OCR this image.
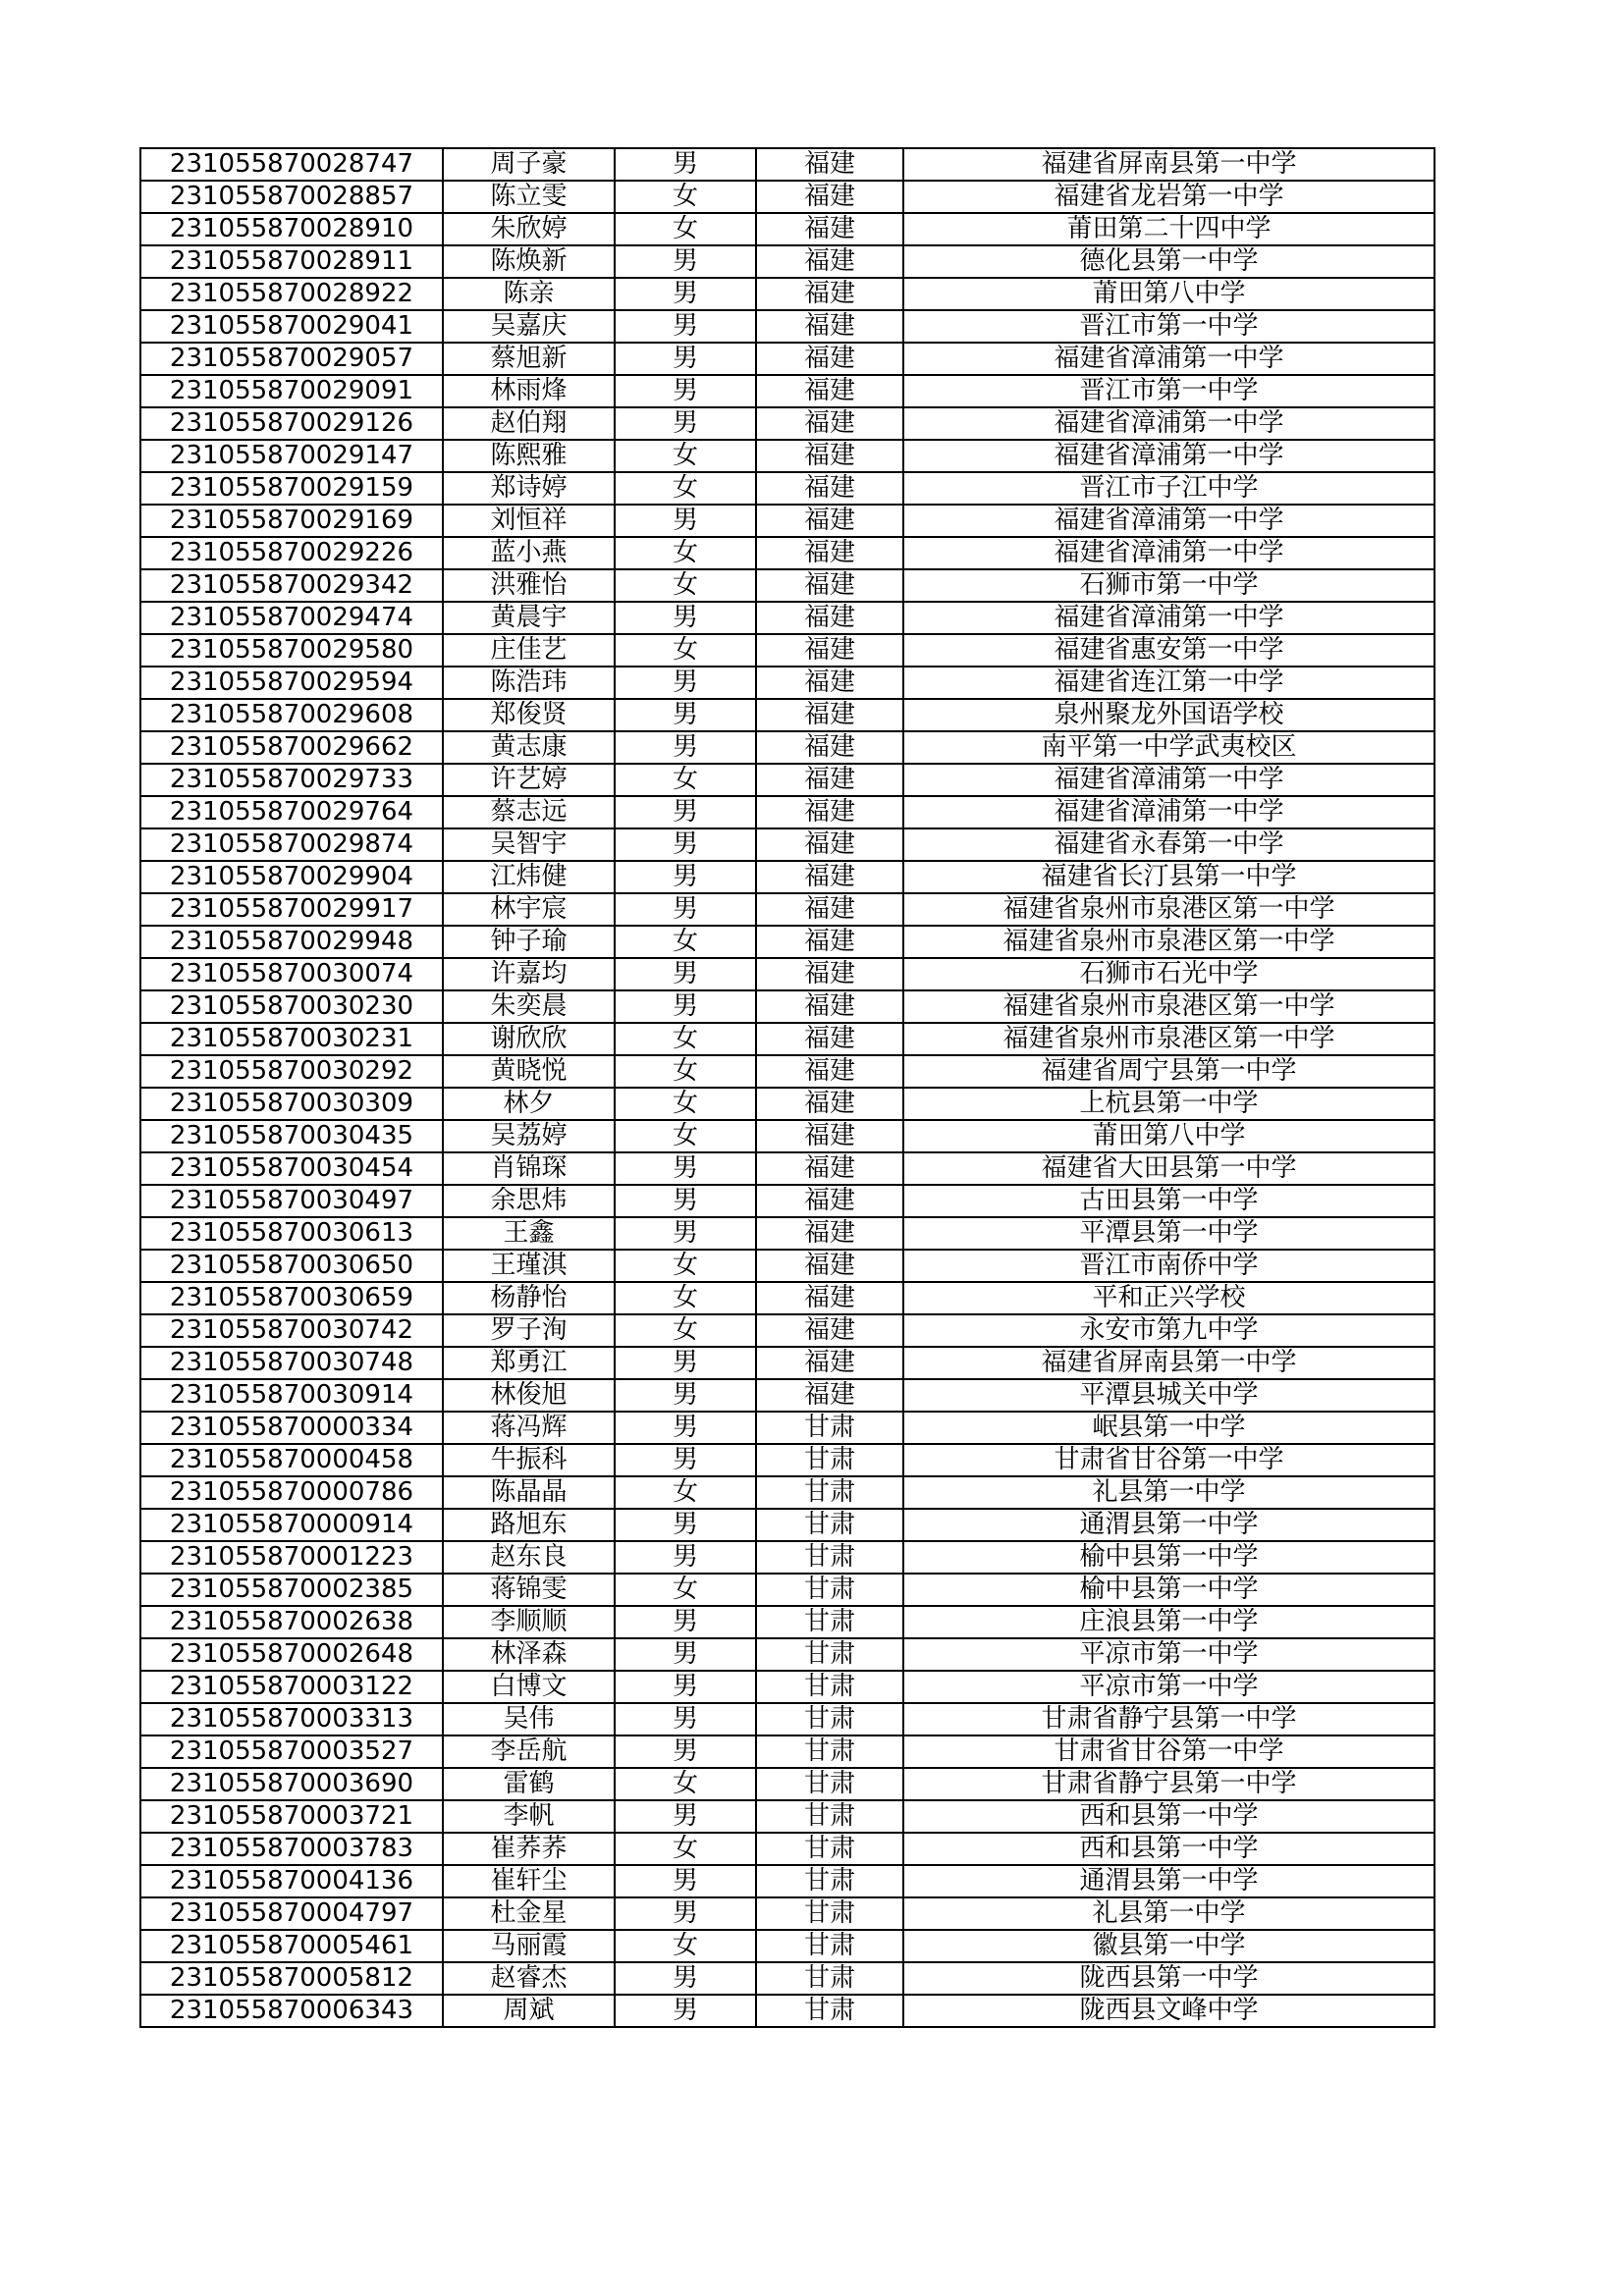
231055870028747	周子豪	男	福建	福建省屏南县第一中学
231055870028857	陈立雯	女	福建	福建省龙岩第一中学
231055870028910	朱欣婷	女	福建	莆田第二十四中学
231055870028911	陈焕新	男	福建	德化县第一中学
231055870028922	陈亲	男	福建	莆田第八中学
231055870029041	吴嘉庆	男	福建	晋江市第一中学
231055870029057	蔡旭新	男	福建	福建省漳浦第一中学
231055870029091	林雨烽	男	福建	晋江市第一中学
231055870029126	赵伯翔	男	福建	福建省漳浦第一中学
231055870029147	陈熙雅	女	福建	福建省漳浦第一中学
231055870029159	郑诗婷	女	福建	晋江市子江中学
231055870029169	刘恒祥	男	福建	福建省漳浦第一中学
231055870029226	蓝小燕	女	福建	福建省漳浦第一中学
231055870029342	洪雅怡	女	福建	石狮市第一中学
231055870029474	黄晨宇	男	福建	福建省漳浦第一中学
231055870029580	庄佳艺	女	福建	福建省惠安第一中学
231055870029594	陈浩玮	男	福建	福建省连江第一中学
231055870029608	郑俊贤	男	福建	泉州聚龙外国语学校
231055870029662	黄志康	男	福建	南平第一中学武夷校区
231055870029733	许艺婷	女	福建	福建省漳浦第一中学
231055870029764	蔡志远	男	福建	福建省漳浦第一中学
231055870029874	吴智宇	男	福建	福建省永春第一中学
231055870029904	江炜健	男	福建	福建省长汀县第一中学
231055870029917	林宇宸	男	福建	福建省泉州市泉港区第一中学
231055870029948	钟子瑜	女	福建	福建省泉州市泉港区第一中学
231055870030074	许嘉均	男	福建	石狮市石光中学
231055870030230	朱奕晨	男	福建	福建省泉州市泉港区第一中学
231055870030231	谢欣欣	女	福建	福建省泉州市泉港区第一中学
231055870030292	黄晓悦	女	福建	福建省周宁县第一中学
231055870030309	林夕	女	福建	上杭县第一中学
231055870030435	吴荔婷	女	福建	莆田第八中学
231055870030454	肖锦琛	男	福建	福建省大田县第一中学
231055870030497	余思炜	男	福建	古田县第一中学
231055870030613	王鑫	男	福建	平潭县第一中学
231055870030650	王瑾淇	女	福建	晋江市南侨中学
231055870030659	杨静怡	女	福建	平和正兴学校
231055870030742	罗子洵	女	福建	永安市第九中学
231055870030748	郑勇江	男	福建	福建省屏南县第一中学
231055870030914	林俊旭	男	福建	平潭县城关中学
231055870000334	蒋冯辉	男	甘肃	岷县第一中学
231055870000458	牛振科	男	甘肃	甘肃省甘谷第一中学
231055870000786	陈晶晶	女	甘肃	礼县第一中学
231055870000914	路旭东	男	甘肃	通渭县第一中学
231055870001223	赵东良	男	甘肃	榆中县第一中学
231055870002385	蒋锦雯	女	甘肃	榆中县第一中学
231055870002638	李顺顺	男	甘肃	庄浪县第一中学
231055870002648	林泽森	男	甘肃	平凉市第一中学
231055870003122	白博文	男	甘肃	平凉市第一中学
231055870003313	吴伟	男	甘肃	甘肃省静宁县第一中学
231055870003527	李岳航	男	甘肃	甘肃省甘谷第一中学
231055870003690	雷鹤	女	甘肃	甘肃省静宁县第一中学
231055870003721	李帆	男	甘肃	西和县第一中学
231055870003783	崔荞荞	女	甘肃	西和县第一中学
231055870004136	崔轩尘	男	甘肃	通渭县第一中学
231055870004797	杜金星	男	甘肃	礼县第一中学
231055870005461	马丽霞	女	甘肃	徽县第一中学
231055870005812	赵睿杰	男	甘肃	陇西县第一中学
231055870006343	周斌	男	甘肃	陇西县文峰中学
